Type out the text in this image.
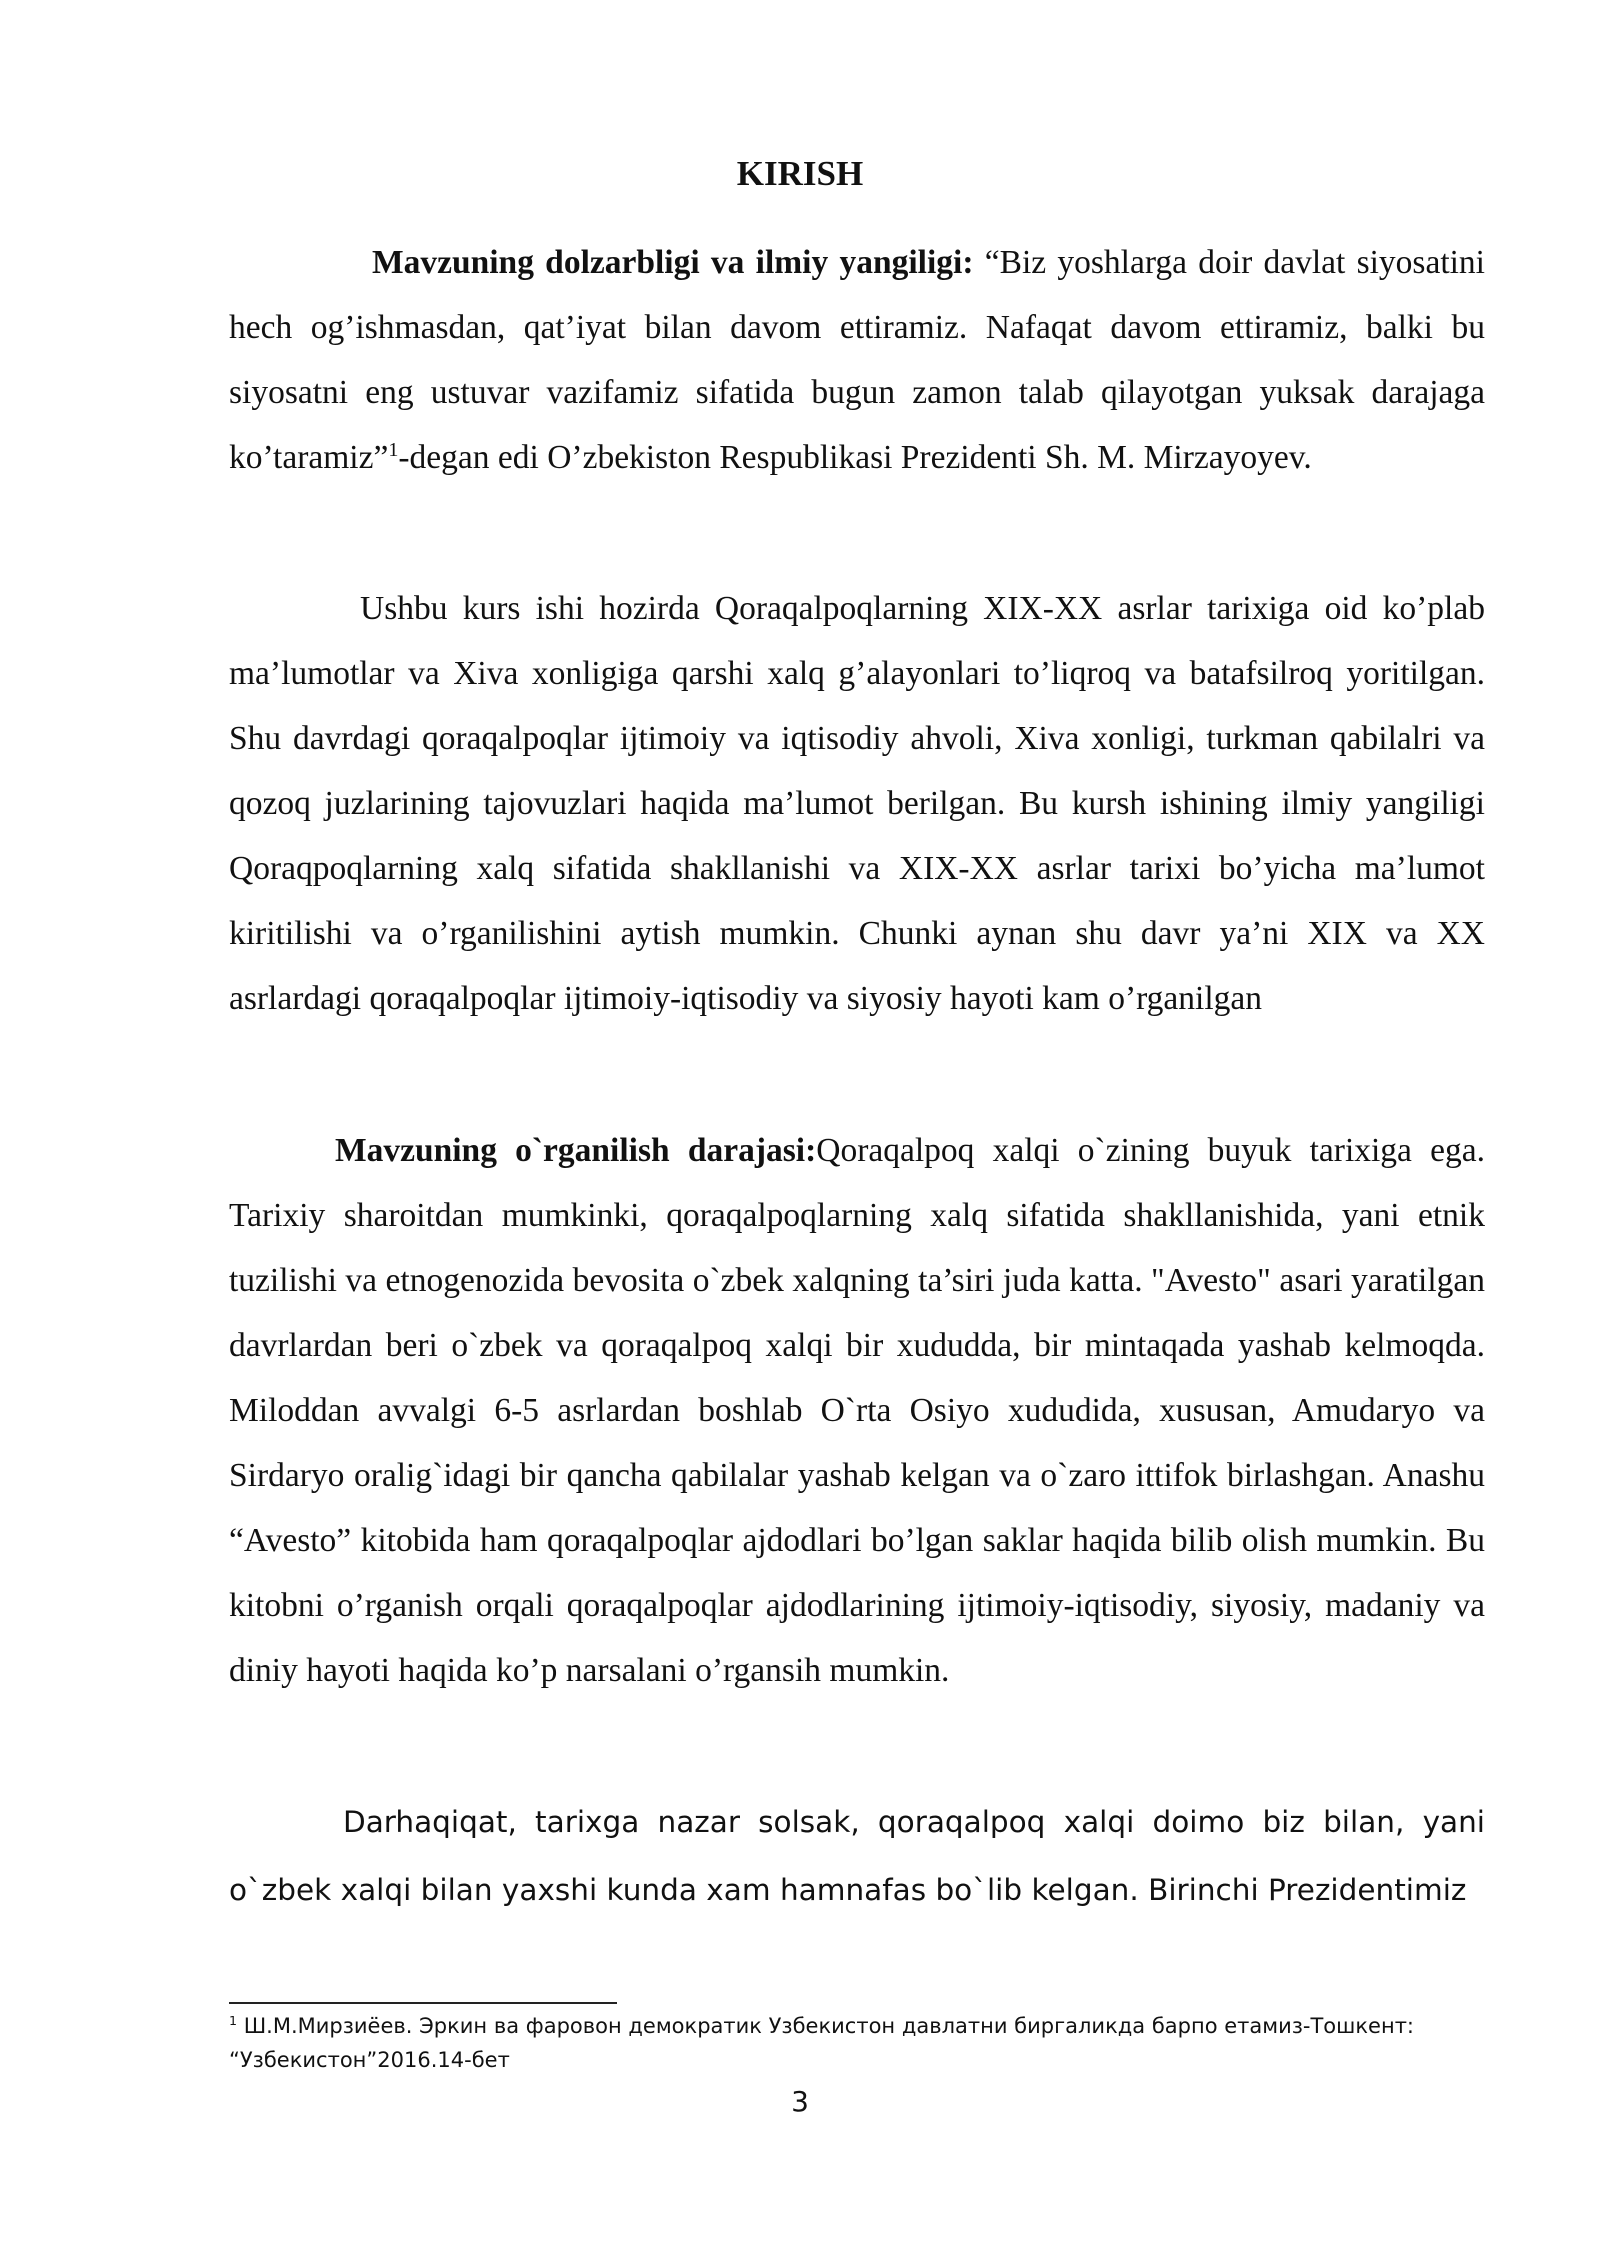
KIRISH

Mavzuning dolzarbligi va ilmiy yangiligi: “Biz yoshlarga doir davlat siyosatini hech og’ishmasdan, qat’iyat bilan davom ettiramiz. Nafaqat davom ettiramiz, balki bu siyosatni eng ustuvar vazifamiz sifatida bugun zamon talab qilayotgan yuksak darajaga ko’taramiz”$^1$-degan edi O’zbekiston Respublikasi Prezidenti Sh. M. Mirzayoyev.

Ushbu kurs ishi hozirda Qoraqalpoqlarning XIX-XX asrlar tarixiga oid ko’plab ma’lumotlar va Xiva xonligiga qarshi xalq g’alayonlari to’liqroq va batafsilroq yoritilgan. Shu davrdagi qoraqalpoqlar ijtimoiy va iqtisodiy ahvoli, Xiva xonligi, turkman qabilalri va qozoq juzlarining tajovuzlari haqida ma’lumot berilgan. Bu kursh ishining ilmiy yangiligi Qoraqpoqlarning xalq sifatida shakllanishi va XIX-XX asrlar tarixi bo’yicha ma’lumot kiritilishi va o’rganilishini aytish mumkin. Chunki aynan shu davr ya’ni XIX va XX asrlardagi qoraqalpoqlar ijtimoiy-iqtisodiy va siyosiy hayoti kam o’rganilgan

Mavzuning o`rganilish darajasi:Qoraqalpoq xalqi o`zining buyuk tarixiga ega. Tarixiy sharoitdan mumkinki, qoraqalpoqlarning xalq sifatida shakllanishida, yani etnik tuzilishi va etnogenozida bevosita o`zbek xalqning ta’siri juda katta. "Avesto" asari yaratilgan davrlardan beri o`zbek va qoraqalpoq xalqi bir xududda, bir mintaqada yashab kelmoqda. Miloddan avvalgi 6-5 asrlardan boshlab O`rta Osiyo xududida, xususan, Amudaryo va Sirdaryo oralig`idagi bir qancha qabilalar yashab kelgan va o`zaro ittifok birlashgan. Anashu “Avesto” kitobida ham qoraqalpoqlar ajdodlari bo’lgan saklar haqida bilib olish mumkin. Bu kitobni o’rganish orqali qoraqalpoqlar ajdodlarining ijtimoiy-iqtisodiy, siyosiy, madaniy va diniy hayoti haqida ko’p narsalani o’rgansih mumkin.

Darhaqiqat, tarixga nazar solsak, qoraqalpoq xalqi doimo biz bilan, yani o`zbek xalqi bilan yaxshi kunda xam hamnafas bo`lib kelgan. Birinchi Prezidentimiz

$^1$ Ш.М.Мирзиёев. Эркин ва фаровон демократик Узбекистон давлатни биргаликда барпо етамиз-Тошкент: “Узбекистон”2016.14-бет

3
